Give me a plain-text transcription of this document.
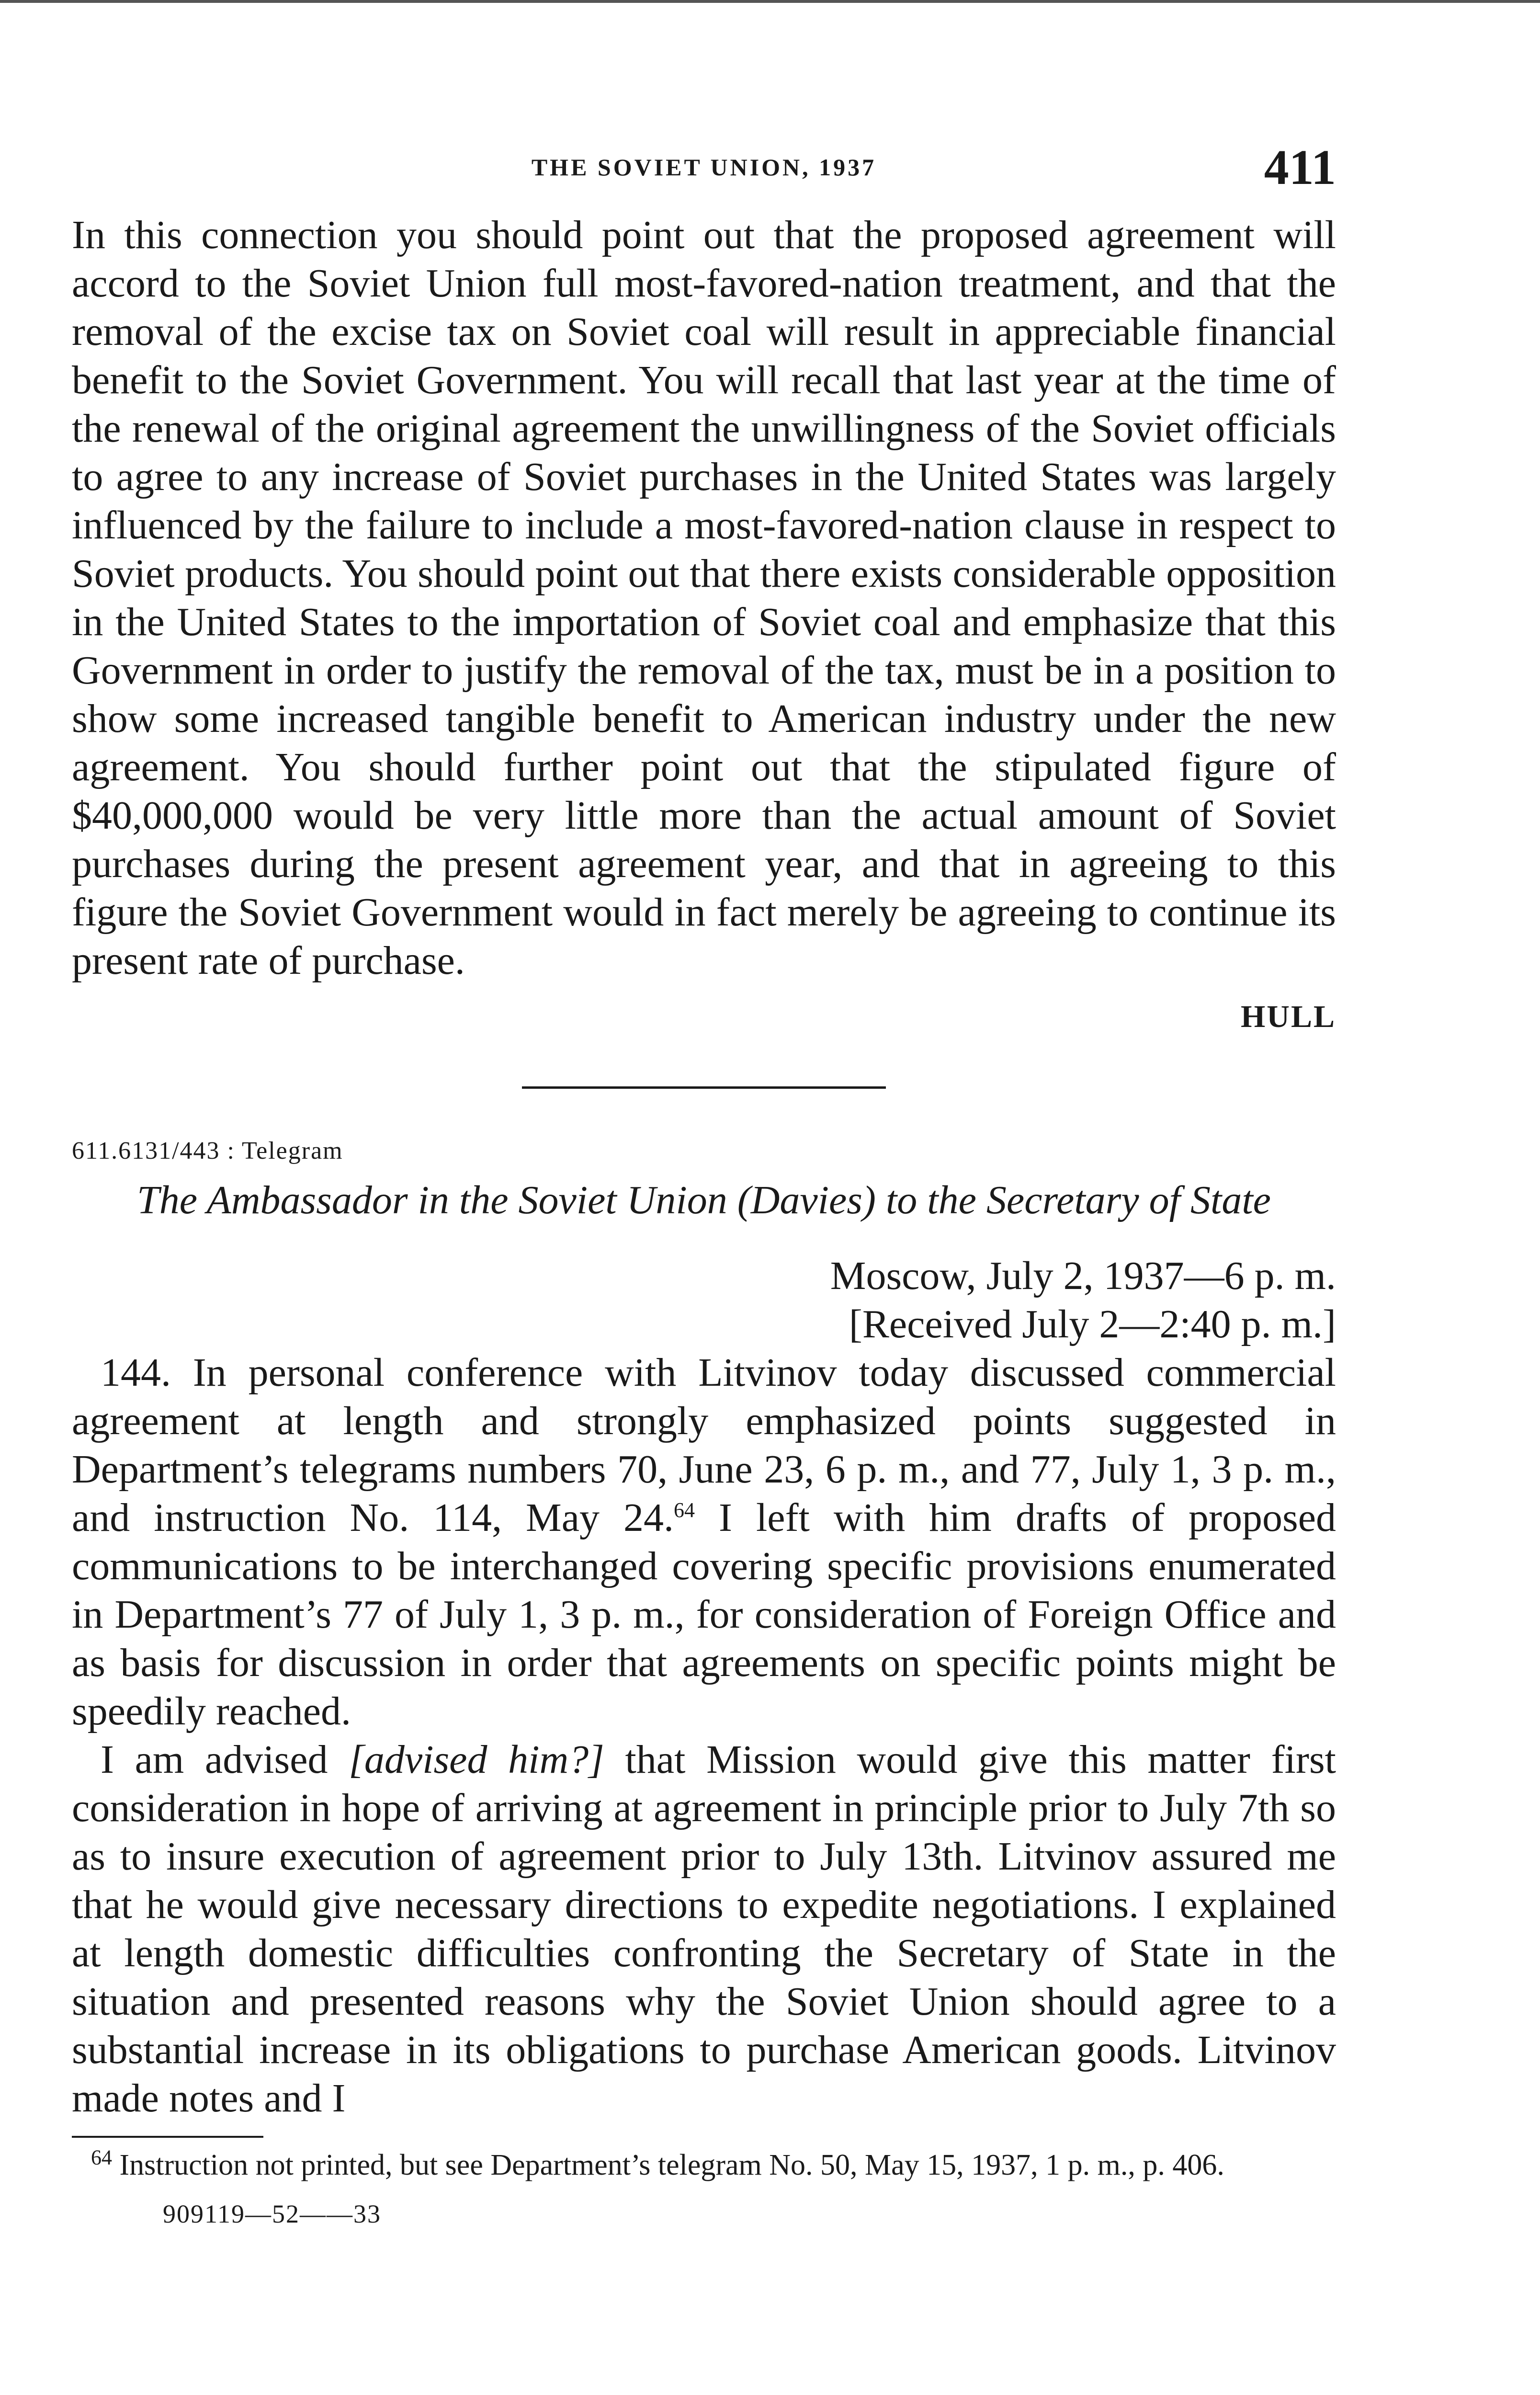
THE SOVIET UNION, 1937	411

In this connection you should point out that the proposed agreement will accord to the Soviet Union full most-favored-nation treatment, and that the removal of the excise tax on Soviet coal will result in appreciable financial benefit to the Soviet Government. You will recall that last year at the time of the renewal of the original agreement the unwillingness of the Soviet officials to agree to any increase of Soviet purchases in the United States was largely influenced by the failure to include a most-favored-nation clause in respect to Soviet products. You should point out that there exists considerable opposition in the United States to the importation of Soviet coal and emphasize that this Government in order to justify the removal of the tax, must be in a position to show some increased tangible benefit to American industry under the new agreement. You should further point out that the stipulated figure of $40,000,000 would be very little more than the actual amount of Soviet purchases during the present agreement year, and that in agreeing to this figure the Soviet Government would in fact merely be agreeing to continue its present rate of purchase.

HULL
611.6131/443 : Telegram
The Ambassador in the Soviet Union (Davies) to the Secretary of State
Moscow, July 2, 1937—6 p. m.
[Received July 2—2:40 p. m.]

144. In personal conference with Litvinov today discussed commercial agreement at length and strongly emphasized points suggested in Department’s telegrams numbers 70, June 23, 6 p. m., and 77, July 1, 3 p. m., and instruction No. 114, May 24.64 I left with him drafts of proposed communications to be interchanged covering specific provisions enumerated in Department’s 77 of July 1, 3 p. m., for consideration of Foreign Office and as basis for discussion in order that agreements on specific points might be speedily reached.

I am advised [advised him?] that Mission would give this matter first consideration in hope of arriving at agreement in principle prior to July 7th so as to insure execution of agreement prior to July 13th. Litvinov assured me that he would give necessary directions to expedite negotiations. I explained at length domestic difficulties confronting the Secretary of State in the situation and presented reasons why the Soviet Union should agree to a substantial increase in its obligations to purchase American goods. Litvinov made notes and I

$^{64}$ Instruction not printed, but see Department’s telegram No. 50, May 15, 1937, 1 p. m., p. 406.

909119—52——33
